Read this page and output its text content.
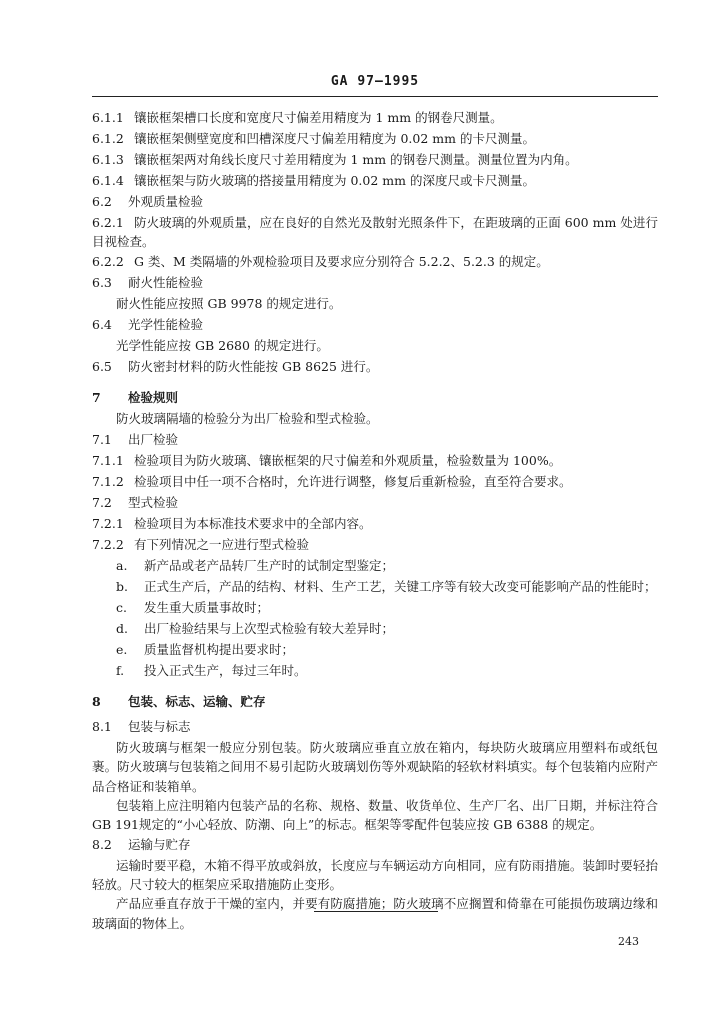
GA 97—1995

6.1.1 镶嵌框架槽口长度和宽度尺寸偏差用精度为 1 mm 的钢卷尺测量。

6.1.2 镶嵌框架侧壁宽度和凹槽深度尺寸偏差用精度为 0.02 mm 的卡尺测量。

6.1.3 镶嵌框架两对角线长度尺寸差用精度为 1 mm 的钢卷尺测量。测量位置为内角。

6.1.4 镶嵌框架与防火玻璃的搭接量用精度为 0.02 mm 的深度尺或卡尺测量。

6.2 外观质量检验

6.2.1 防火玻璃的外观质量，应在良好的自然光及散射光照条件下，在距玻璃的正面 600 mm 处进行目视检查。

6.2.2 G 类、M 类隔墙的外观检验项目及要求应分别符合 5.2.2、5.2.3 的规定。

6.3 耐火性能检验

耐火性能应按照 GB 9978 的规定进行。

6.4 光学性能检验

光学性能应按 GB 2680 的规定进行。

6.5 防火密封材料的防火性能按 GB 8625 进行。

7 检验规则

防火玻璃隔墙的检验分为出厂检验和型式检验。

7.1 出厂检验

7.1.1 检验项目为防火玻璃、镶嵌框架的尺寸偏差和外观质量，检验数量为 100%。

7.1.2 检验项目中任一项不合格时，允许进行调整，修复后重新检验，直至符合要求。

7.2 型式检验

7.2.1 检验项目为本标准技术要求中的全部内容。

7.2.2 有下列情况之一应进行型式检验

a. 新产品或老产品转厂生产时的试制定型鉴定；

b. 正式生产后，产品的结构、材料、生产工艺，关键工序等有较大改变可能影响产品的性能时；

c. 发生重大质量事故时；

d. 出厂检验结果与上次型式检验有较大差异时；

e. 质量监督机构提出要求时；

f. 投入正式生产，每过三年时。

8 包装、标志、运输、贮存

8.1 包装与标志

防火玻璃与框架一般应分别包装。防火玻璃应垂直立放在箱内，每块防火玻璃应用塑料布或纸包裹。防火玻璃与包装箱之间用不易引起防火玻璃划伤等外观缺陷的轻软材料填实。每个包装箱内应附产品合格证和装箱单。

包装箱上应注明箱内包装产品的名称、规格、数量、收货单位、生产厂名、出厂日期，并标注符合 GB 191规定的“小心轻放、防潮、向上”的标志。框架等零配件包装应按 GB 6388 的规定。

8.2 运输与贮存

运输时要平稳，木箱不得平放或斜放，长度应与车辆运动方向相同，应有防雨措施。装卸时要轻抬轻放。尺寸较大的框架应采取措施防止变形。

产品应垂直存放于干燥的室内，并要有防腐措施；防火玻璃不应搁置和倚靠在可能损伤玻璃边缘和玻璃面的物体上。

243
